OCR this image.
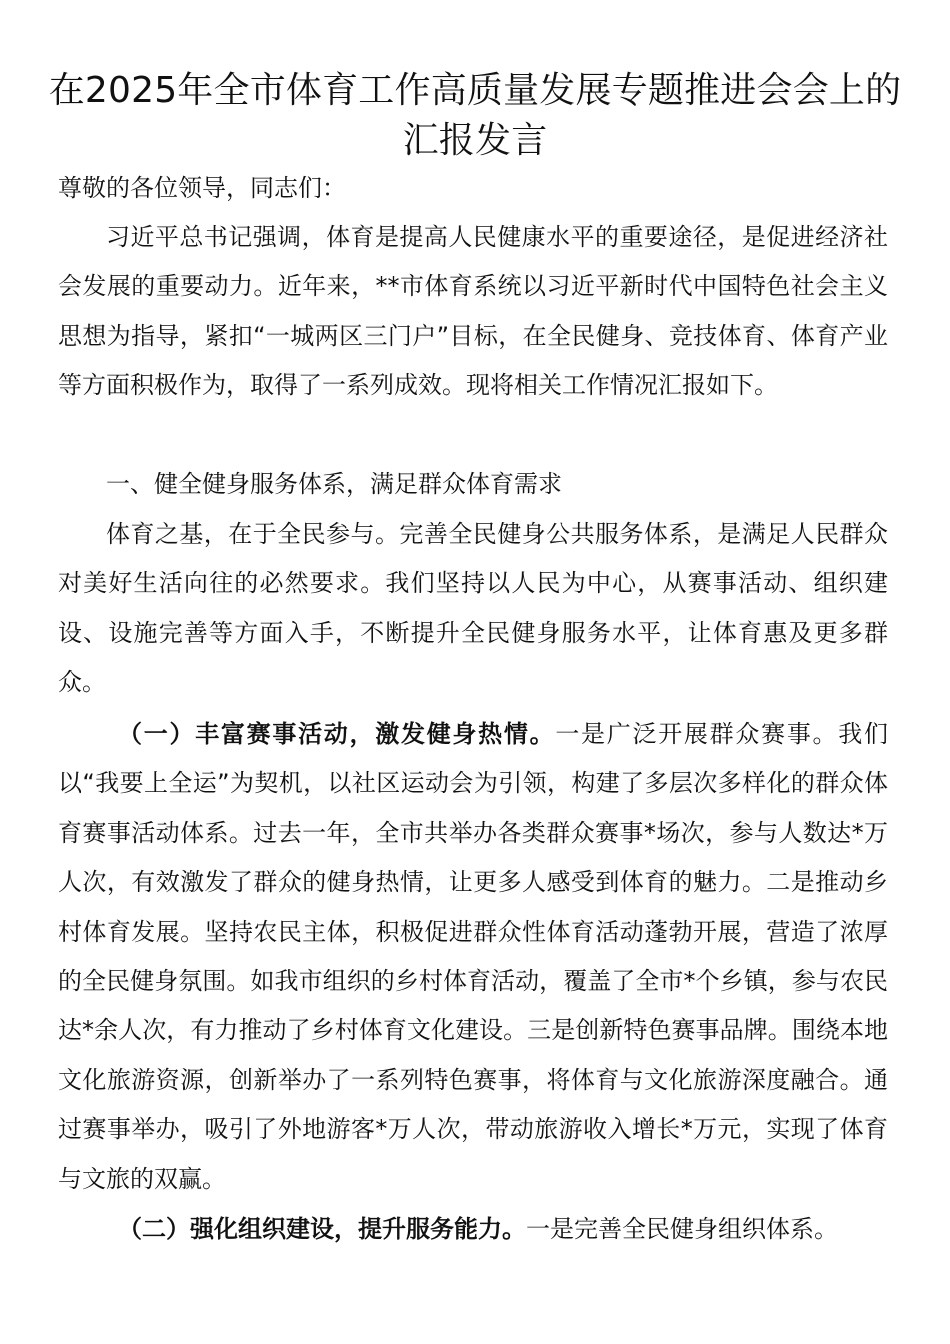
在2025年全市体育工作高质量发展专题推进会会上的汇报发言

尊敬的各位领导，同志们：

习近平总书记强调，体育是提高人民健康水平的重要途径，是促进经济社会发展的重要动力。近年来，**市体育系统以习近平新时代中国特色社会主义思想为指导，紧扣“一城两区三门户”目标，在全民健身、竞技体育、体育产业等方面积极作为，取得了一系列成效。现将相关工作情况汇报如下。

一、健全健身服务体系，满足群众体育需求

体育之基，在于全民参与。完善全民健身公共服务体系，是满足人民群众对美好生活向往的必然要求。我们坚持以人民为中心，从赛事活动、组织建设、设施完善等方面入手，不断提升全民健身服务水平，让体育惠及更多群众。

（一）丰富赛事活动，激发健身热情。一是广泛开展群众赛事。我们以“我要上全运”为契机，以社区运动会为引领，构建了多层次多样化的群众体育赛事活动体系。过去一年，全市共举办各类群众赛事*场次，参与人数达*万人次，有效激发了群众的健身热情，让更多人感受到体育的魅力。二是推动乡村体育发展。坚持农民主体，积极促进群众性体育活动蓬勃开展，营造了浓厚的全民健身氛围。如我市组织的乡村体育活动，覆盖了全市*个乡镇，参与农民达*余人次，有力推动了乡村体育文化建设。三是创新特色赛事品牌。围绕本地文化旅游资源，创新举办了一系列特色赛事，将体育与文化旅游深度融合。通过赛事举办，吸引了外地游客*万人次，带动旅游收入增长*万元，实现了体育与文旅的双赢。

（二）强化组织建设，提升服务能力。一是完善全民健身组织体系。
